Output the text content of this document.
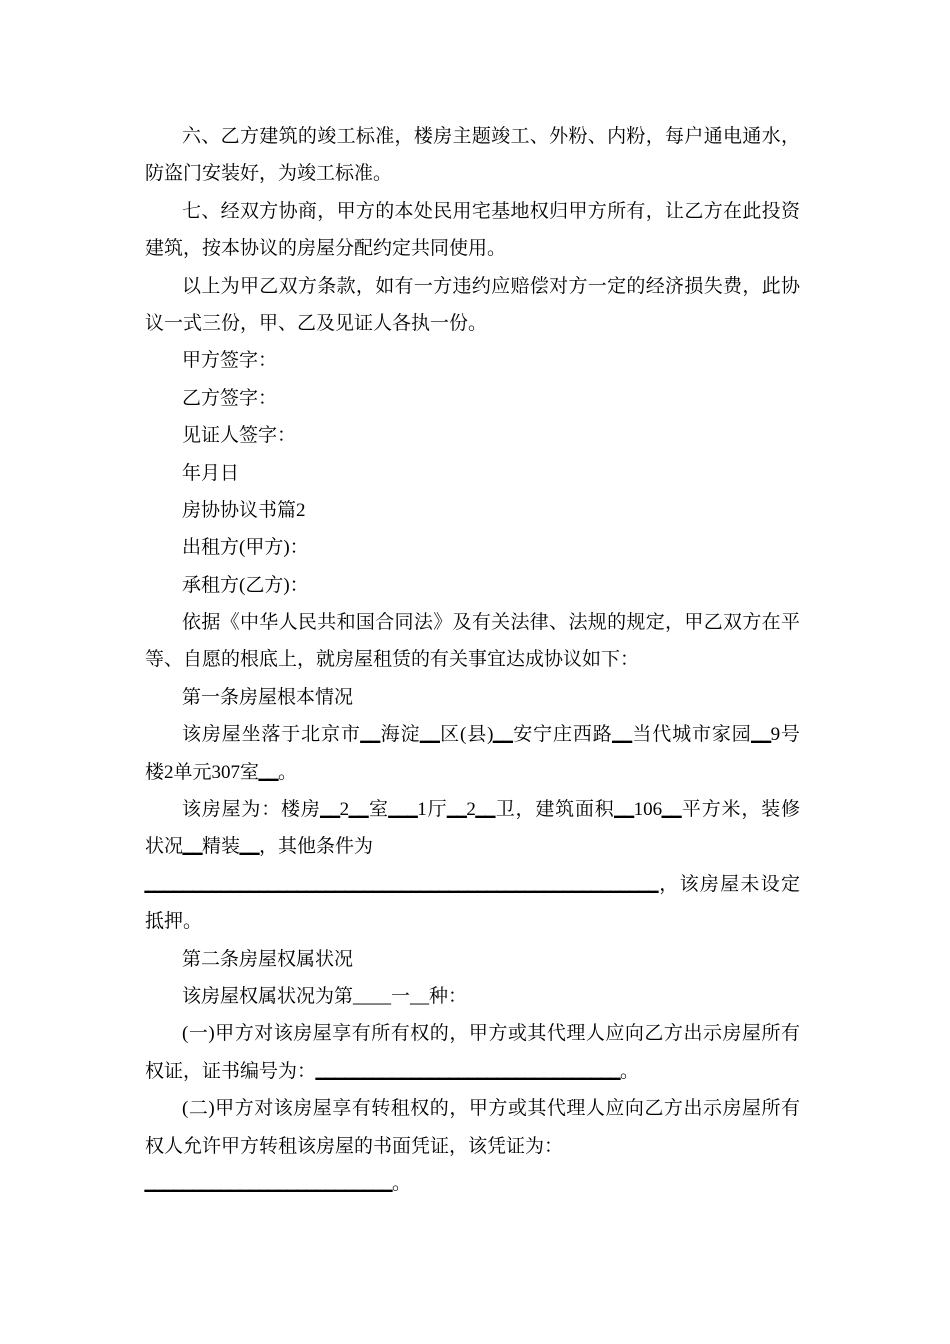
六、乙方建筑的竣工标准，楼房主题竣工、外粉、内粉，每户通电通水，
防盗门安装好，为竣工标准。
七、经双方协商，甲方的本处民用宅基地权归甲方所有，让乙方在此投资
建筑，按本协议的房屋分配约定共同使用。
以上为甲乙双方条款，如有一方违约应赔偿对方一定的经济损失费，此协
议一式三份，甲、乙及见证人各执一份。
甲方签字：
乙方签字：
见证人签字：
年月日
房协协议书篇2
出租方(甲方)：
承租方(乙方)：
依据《中华人民共和国合同法》及有关法律、法规的规定，甲乙双方在平
等、自愿的根底上，就房屋租赁的有关事宜达成协议如下：
第一条房屋根本情况
该房屋坐落于北京市__海淀__区(县)__安宁庄西路__当代城市家园__9号
楼2单元307室__。
该房屋为：楼房__2__室___1厅__2__卫，建筑面积__106__平方米，装修
状况__精装__，其他条件为
______________________________________________________，该房屋未设定
抵押。
第二条房屋权属状况
该房屋权属状况为第____一__种：
(一)甲方对该房屋享有所有权的，甲方或其代理人应向乙方出示房屋所有
权证，证书编号为：________________________________。
(二)甲方对该房屋享有转租权的，甲方或其代理人应向乙方出示房屋所有
权人允许甲方转租该房屋的书面凭证，该凭证为：
__________________________。
